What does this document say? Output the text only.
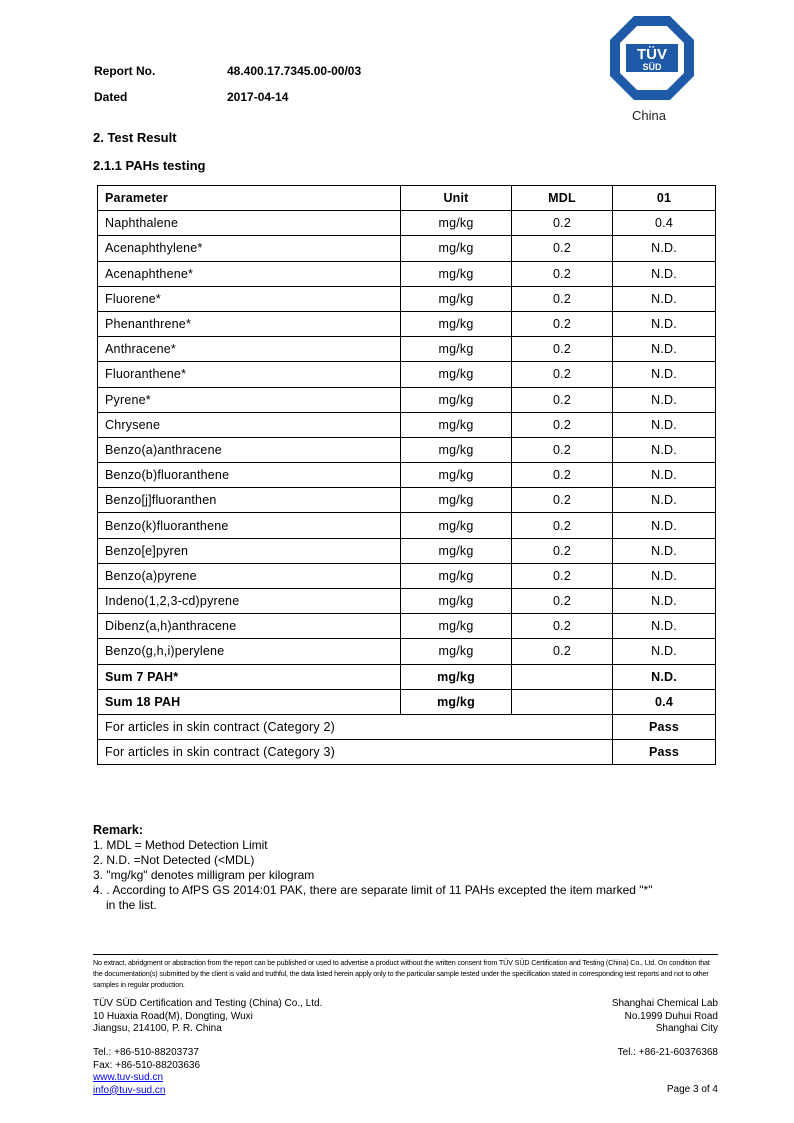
Report No.	48.400.17.7345.00-00/03
Dated	2017-04-14
TÜV
SÜD
China
2. Test Result
2.1.1 PAHs testing
Parameter	Unit	MDL	01
Naphthalene	mg/kg	0.2	0.4
Acenaphthylene*	mg/kg	0.2	N.D.
Acenaphthene*	mg/kg	0.2	N.D.
Fluorene*	mg/kg	0.2	N.D.
Phenanthrene*	mg/kg	0.2	N.D.
Anthracene*	mg/kg	0.2	N.D.
Fluoranthene*	mg/kg	0.2	N.D.
Pyrene*	mg/kg	0.2	N.D.
Chrysene	mg/kg	0.2	N.D.
Benzo(a)anthracene	mg/kg	0.2	N.D.
Benzo(b)fluoranthene	mg/kg	0.2	N.D.
Benzo[j]fluoranthen	mg/kg	0.2	N.D.
Benzo(k)fluoranthene	mg/kg	0.2	N.D.
Benzo[e]pyren	mg/kg	0.2	N.D.
Benzo(a)pyrene	mg/kg	0.2	N.D.
Indeno(1,2,3-cd)pyrene	mg/kg	0.2	N.D.
Dibenz(a,h)anthracene	mg/kg	0.2	N.D.
Benzo(g,h,i)perylene	mg/kg	0.2	N.D.
Sum 7 PAH*	mg/kg		N.D.
Sum 18 PAH	mg/kg		0.4
For articles in skin contract (Category 2)			Pass
For articles in skin contract (Category 3)			Pass
Remark:
1. MDL = Method Detection Limit
2. N.D. =Not Detected (<MDL)
3. "mg/kg" denotes milligram per kilogram
4. . According to AfPS GS 2014:01 PAK, there are separate limit of 11 PAHs excepted the item marked "*"
in the list.
No extract, abridgment or abstraction from the report can be published or used to advertise a product without the written consent from TÜV SÜD Certification and Testing (China) Co., Ltd. On condition that the documentation(s) submitted by the client is valid and truthful, the data listed herein apply only to the particular sample tested under the specification stated in corresponding test reports and not to other samples in regular production.
TÜV SÜD Certification and Testing (China) Co., Ltd.
10 Huaxia Road(M), Dongting, Wuxi
Jiangsu, 214100, P. R. China
Shanghai Chemical Lab
No.1999 Duhui Road
Shanghai City
Tel.: +86-510-88203737
Fax: +86-510-88203636
www.tuv-sud.cn
info@tuv-sud.cn
Tel.: +86-21-60376368
Page 3 of 4
